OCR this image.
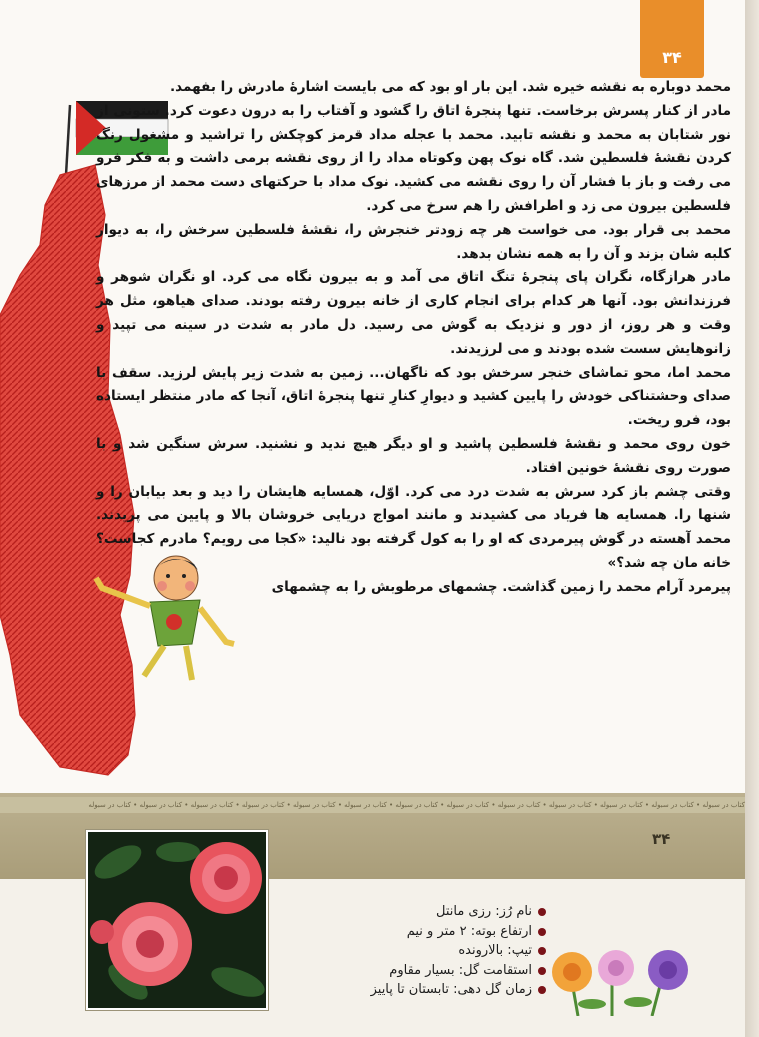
۳۴

محمد دوباره به نقشه خیره شد. این بار او بود که می بایست اشارهٔ مادرش را بفهمد.

مادر از کنار پسرش برخاست. تنها پنجرهٔ اتاق را گشود و آفتاب را به درون دعوت کرد. ستونی از نور شتابان به محمد و نقشه تابید. محمد با عجله مداد قرمز کوچکش را تراشید و مشغول رنگ کردن نقشهٔ فلسطین شد. گاه نوک پهن وکوتاه مداد را از روی نقشه برمی داشت و به فکر فرو می رفت و باز با فشار آن را روی نقشه می کشید. نوک مداد با حرکتهای دست محمد از مرزهای فلسطین بیرون می زد و اطرافش را هم سرخ می کرد.

محمد بی قرار بود. می خواست هر چه زودتر خنجرش را، نقشهٔ فلسطین سرخش را، به دیوار کلبه شان بزند و آن را به همه نشان بدهد.

مادر هرازگاه، نگران پای پنجرهٔ تنگ اتاق می آمد و به بیرون نگاه می کرد. او نگران شوهر و فرزندانش بود. آنها هر کدام برای انجام کاری از خانه بیرون رفته بودند. صدای هیاهو، مثل هر وقت و هر روز، از دور و نزدیک به گوش می رسید. دل مادر به شدت در سینه می تپید و زانوهایش سست شده بودند و می لرزیدند.

محمد اما، محو تماشای خنجر سرخش بود که ناگهان... زمین به شدت زیر پایش لرزید. سقف با صدای وحشتناکی خودش را پایین کشید و دیوارِ کنارِ تنها پنجرهٔ اتاق، آنجا که مادر منتظر ایستاده بود، فرو ریخت.

خون روی محمد و نقشهٔ فلسطین پاشید و او دیگر هیچ ندید و نشنید. سرش سنگین شد و با صورت روی نقشهٔ خونین افتاد.

وقتی چشم باز کرد سرش به شدت درد می کرد. اوّل، همسایه هایشان را دید و بعد بیابان را و شنها را. همسایه ها فریاد می کشیدند و مانند امواج دریایی خروشان بالا و پایین می پریدند. محمد آهسته در گوش پیرمردی که او را به کول گرفته بود نالید: «کجا می رویم؟ مادرم کجاست؟ خانه مان چه شد؟»

پیرمرد آرام محمد را زمین گذاشت. چشمهای مرطوبش را به چشمهای

کتاب در سبوله • کتاب در سبوله • کتاب در سبوله • کتاب در سبوله • کتاب در سبوله • کتاب در سبوله • کتاب در سبوله • کتاب در سبوله • کتاب در سبوله • کتاب در سبوله • کتاب در سبوله • کتاب در سبوله • کتاب در سبوله
۳۴
نام رُز: رزی مانتل
ارتفاع بوته: ۲ متر و نیم
تیپ: بالارونده
استقامت گل: بسیار مقاوم
زمان گل دهی: تابستان تا پاییز
